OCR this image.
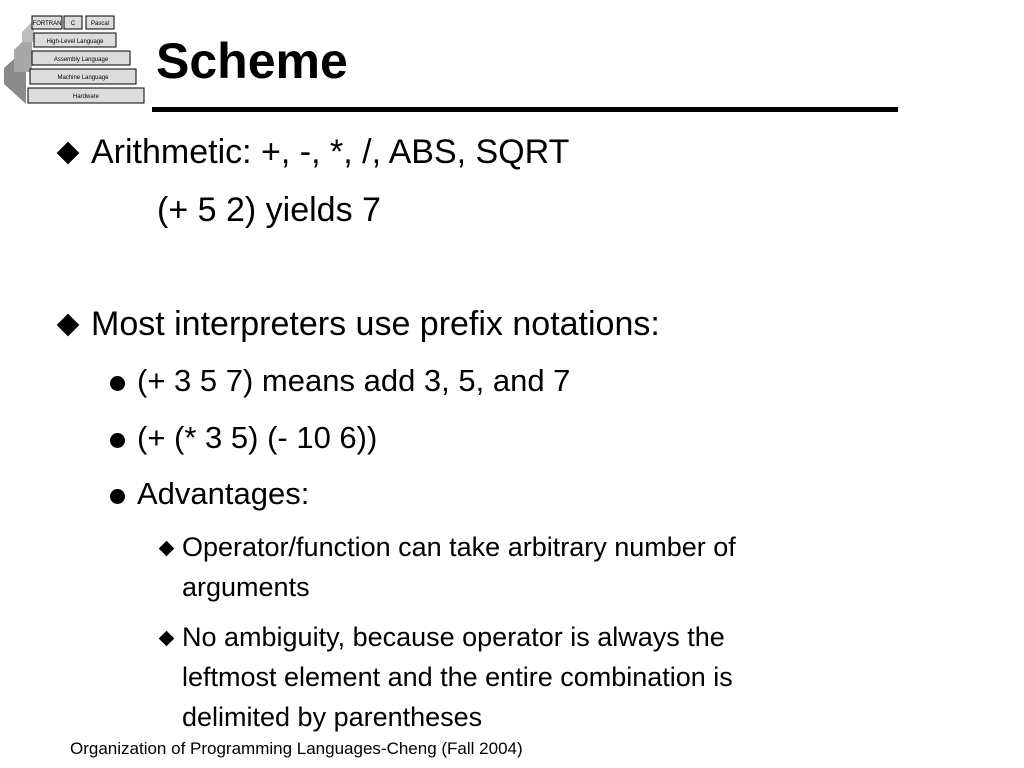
Hardware
Machine Language
Assembly Language
High-Level Language
FORTRAN C	Pascal
Scheme
Arithmetic: +, -, *, /, ABS, SQRT
(+ 5 2) yields 7
Most interpreters use prefix notations:
(+ 3 5 7) means add 3, 5, and 7
(+ (* 3 5) (- 10 6))
Advantages:
Operator/function can take arbitrary number of
arguments
No ambiguity, because operator is always the
leftmost element and the entire combination is
delimited by parentheses
Organization of Programming Languages-Cheng (Fall 2004)
